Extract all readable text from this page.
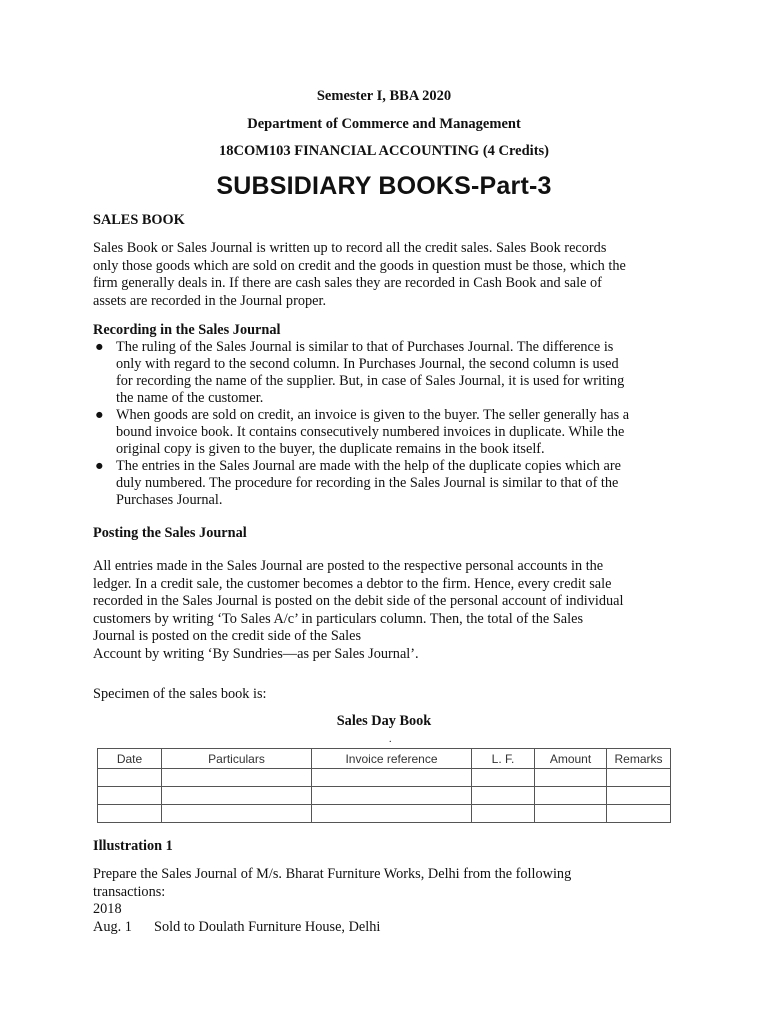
Semester I, BBA 2020
Department of Commerce and Management
18COM103 FINANCIAL ACCOUNTING (4 Credits)
SUBSIDIARY BOOKS-Part-3
SALES BOOK
Sales Book or Sales Journal is written up to record all the credit sales. Sales Book records
only those goods which are sold on credit and the goods in question must be those, which the
firm generally deals in. If there are cash sales they are recorded in Cash Book and sale of
assets are recorded in the Journal proper.
Recording in the Sales Journal
● The ruling of the Sales Journal is similar to that of Purchases Journal. The difference is
only with regard to the second column. In Purchases Journal, the second column is used
for recording the name of the supplier. But, in case of Sales Journal, it is used for writing
the name of the customer.
● When goods are sold on credit, an invoice is given to the buyer. The seller generally has a
bound invoice book. It contains consecutively numbered invoices in duplicate. While the
original copy is given to the buyer, the duplicate remains in the book itself.
● The entries in the Sales Journal are made with the help of the duplicate copies which are
duly numbered. The procedure for recording in the Sales Journal is similar to that of the
Purchases Journal.
Posting the Sales Journal
All entries made in the Sales Journal are posted to the respective personal accounts in the
ledger. In a credit sale, the customer becomes a debtor to the firm. Hence, every credit sale
recorded in the Sales Journal is posted on the debit side of the personal account of individual
customers by writing ‘To Sales A/c’ in particulars column. Then, the total of the Sales
Journal is posted on the credit side of the Sales
Account by writing ‘By Sundries—as per Sales Journal’.
Specimen of the sales book is:
Sales Day Book
.
Date	Particulars	Invoice reference	L. F.	Amount	Remarks

Illustration 1
Prepare the Sales Journal of M/s. Bharat Furniture Works, Delhi from the following
transactions:
2018
Aug. 1 Sold to Doulath Furniture House, Delhi
